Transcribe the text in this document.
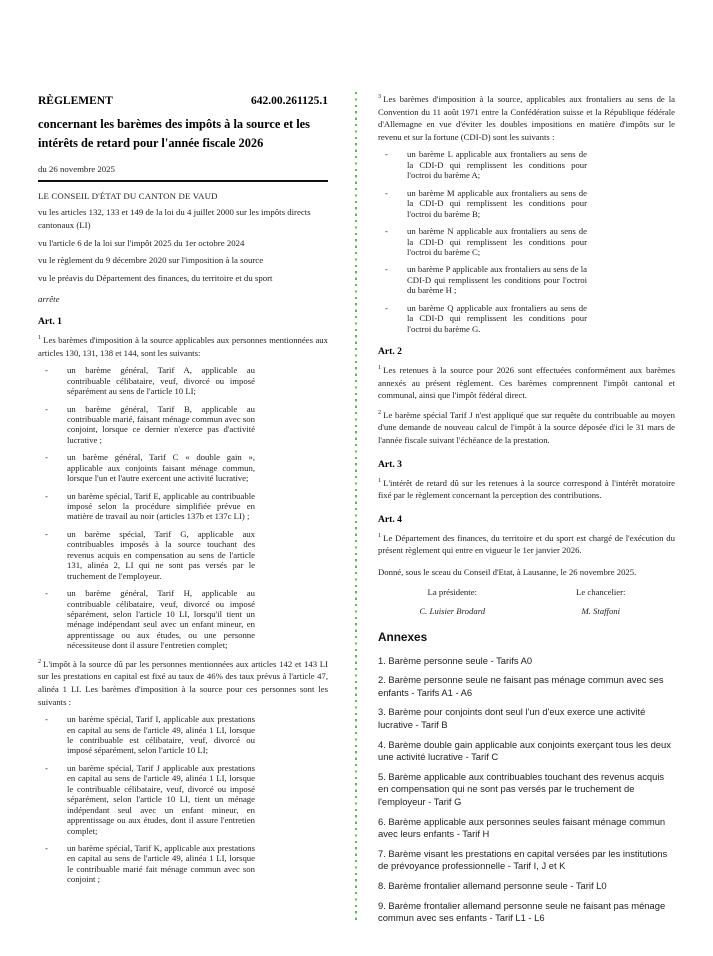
RÈGLEMENT	642.00.261125.1
concernant les barèmes des impôts à la source et les intérêts de retard pour l'année fiscale 2026
du 26 novembre 2025
LE CONSEIL D'ÉTAT DU CANTON DE VAUD

vu les articles 132, 133 et 149 de la loi du 4 juillet 2000 sur les impôts directs cantonaux (LI)

vu l'article 6 de la loi sur l'impôt 2025 du 1er octobre 2024

vu le règlement du 9 décembre 2020 sur l'imposition à la source

vu le préavis du Département des finances, du territoire et du sport

arrête

Art. 1

$^1$ Les barèmes d'imposition à la source applicables aux personnes mentionnées aux articles 130, 131, 138 et 144, sont les suivants:

-	un barème général, Tarif A, applicable au contribuable célibataire, veuf, divorcé ou imposé séparément au sens de l'article 10 LI;
-	un barème général, Tarif B, applicable au contribuable marié, faisant ménage commun avec son conjoint, lorsque ce dernier n'exerce pas d'activité lucrative ;
-	un barème général, Tarif C « double gain », applicable aux conjoints faisant ménage commun, lorsque l'un et l'autre exercent une activité lucrative;
-	un barème spécial, Tarif E, applicable au contribuable imposé selon la procédure simplifiée prévue en matière de travail au noir (articles 137b et 137c LI) ;
-	un barème spécial, Tarif G, applicable aux contribuables imposés à la source touchant des revenus acquis en compensation au sens de l'article 131, alinéa 2, LI qui ne sont pas versés par le truchement de l'employeur.
-	un barème général, Tarif H, applicable au contribuable célibataire, veuf, divorcé ou imposé séparément, selon l'article 10 LI, lorsqu'il tient un ménage indépendant seul avec un enfant mineur, en apprentissage ou aux études, ou une personne nécessiteuse dont il assure l'entretien complet;

$^2$ L'impôt à la source dû par les personnes mentionnées aux articles 142 et 143 LI sur les prestations en capital est fixé au taux de 46% des taux prévus à l'article 47, alinéa 1 LI. Les barèmes d'imposition à la source pour ces personnes sont les suivants :

-	un barème spécial, Tarif I, applicable aux prestations en capital au sens de l'article 49, alinéa 1 LI, lorsque le contribuable est célibataire, veuf, divorcé ou imposé séparément, selon l'article 10 LI;
-	un barème spécial, Tarif J applicable aux prestations en capital au sens de l'article 49, alinéa 1 LI, lorsque le contribuable célibataire, veuf, divorcé ou imposé séparément, selon l'article 10 LI, tient un ménage indépendant seul avec un enfant mineur, en apprentissage ou aux études, dont il assure l'entretien complet;
-	un barème spécial, Tarif K, applicable aux prestations en capital au sens de l'article 49, alinéa 1 LI, lorsque le contribuable marié fait ménage commun avec son conjoint ;

$^3$ Les barèmes d'imposition à la source, applicables aux frontaliers au sens de la Convention du 11 août 1971 entre la Confédération suisse et la République fédérale d'Allemagne en vue d'éviter les doubles impositions en matière d'impôts sur le revenu et sur la fortune (CDI-D) sont les suivants :

-	un barème L applicable aux frontaliers au sens de la CDI-D qui remplissent les conditions pour l'octroi du barème A;
-	un barème M applicable aux frontaliers au sens de la CDI-D qui remplissent les conditions pour l'octroi du barème B;
-	un barème N applicable aux frontaliers au sens de la CDI-D qui remplissent les conditions pour l'octroi du barème C;
-	un barème P applicable aux frontaliers au sens de la CDI-D qui remplissent les conditions pour l'octroi du barème H ;
-	un barème Q applicable aux frontaliers au sens de la CDI-D qui remplissent les conditions pour l'octroi du barème G.
Art. 2

$^1$ Les retenues à la source pour 2026 sont effectuées conformément aux barèmes annexés au présent règlement. Ces barèmes comprennent l'impôt cantonal et communal, ainsi que l'impôt fédéral direct.

$^2$ Le barème spécial Tarif J n'est appliqué que sur requête du contribuable au moyen d'une demande de nouveau calcul de l'impôt à la source déposée d'ici le 31 mars de l'année fiscale suivant l'échéance de la prestation.

Art. 3

$^1$ L'intérêt de retard dû sur les retenues à la source correspond à l'intérêt moratoire fixé par le règlement concernant la perception des contributions.

Art. 4

$^1$ Le Département des finances, du territoire et du sport est chargé de l'exécution du présent règlement qui entre en vigueur le 1er janvier 2026.

Donné, sous le sceau du Conseil d'Etat, à Lausanne, le 26 novembre 2025.

La présidente:
C. Luisier Brodard
Le chancelier:
M. Staffoni
Annexes

1. Barème personne seule - Tarifs A0

2. Barème personne seule ne faisant pas ménage commun avec ses enfants - Tarifs A1 - A6

3. Barème pour conjoints dont seul l'un d'eux exerce une activité lucrative - Tarif B

4. Barème double gain applicable aux conjoints exerçant tous les deux une activité lucrative - Tarif C

5. Barème applicable aux contribuables touchant des revenus acquis en compensation qui ne sont pas versés par le truchement de l'employeur - Tarif G

6. Barème applicable aux personnes seules faisant ménage commun avec leurs enfants - Tarif H

7. Barème visant les prestations en capital versées par les institutions de prévoyance professionnelle - Tarif I, J et K

8. Barème frontalier allemand personne seule - Tarif L0

9. Barème frontalier allemand personne seule ne faisant pas ménage commun avec ses enfants - Tarif L1 - L6
